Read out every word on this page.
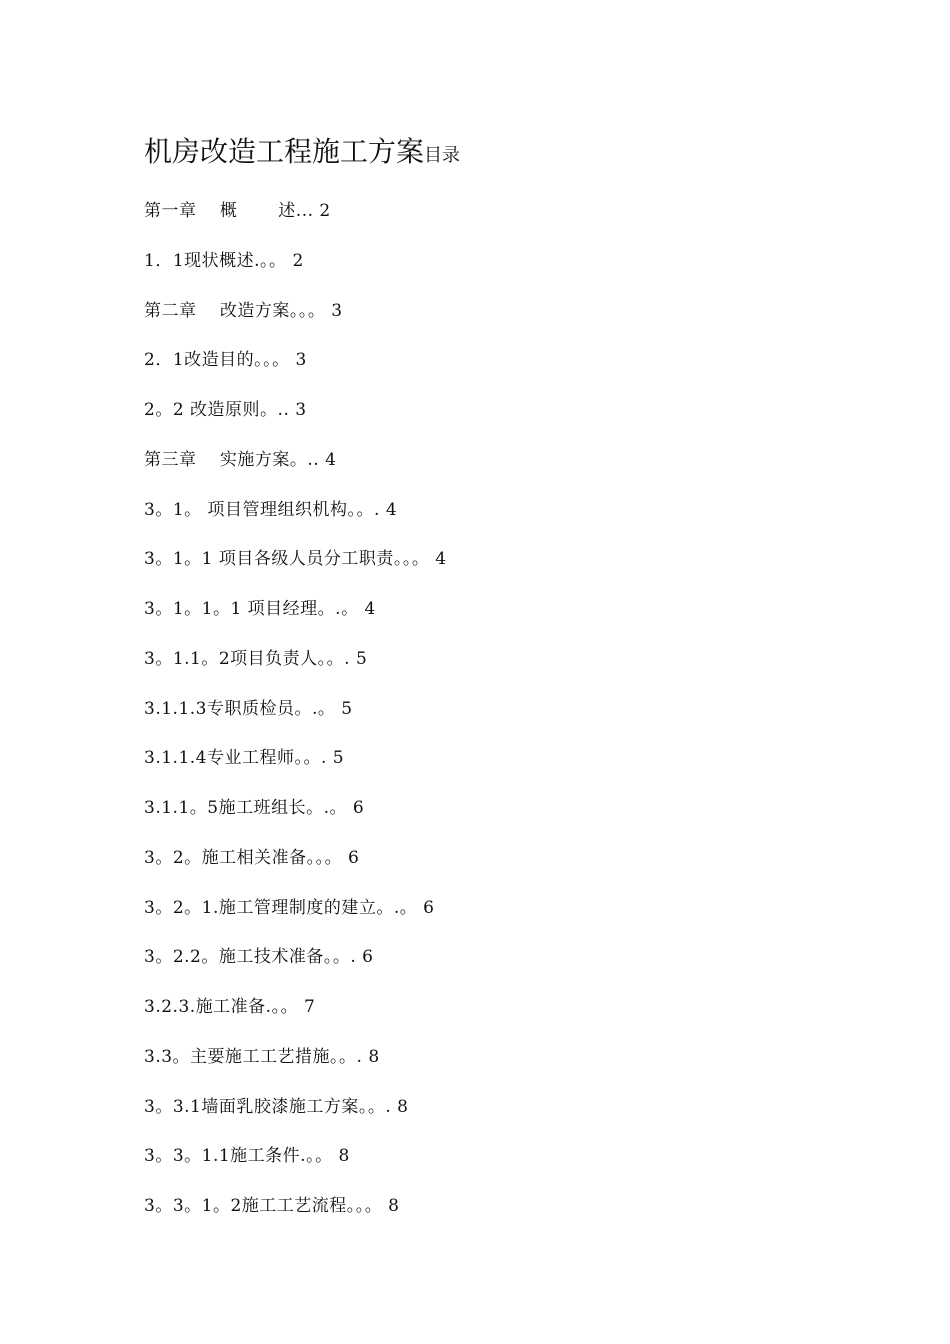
机房改造工程施工方案目录
第一章　 概　　 述... 2
1．1现状概述.。。 2
第二章　 改造方案。。。 3
2．1改造目的。。。 3
2。2 改造原则。.. 3
第三章　 实施方案。.. 4
3。1。 项目管理组织机构。。. 4
3。1。1 项目各级人员分工职责。。。 4
3。1。1。1 项目经理。.。 4
3。1.1。2项目负责人。。. 5
3.1.1.3专职质检员。.。 5
3.1.1.4专业工程师。。. 5
3.1.1。5施工班组长。.。 6
3。2。施工相关准备。。。 6
3。2。1.施工管理制度的建立。.。 6
3。2.2。施工技术准备。。. 6
3.2.3.施工准备.。。 7
3.3。主要施工工艺措施。。. 8
3。3.1墙面乳胶漆施工方案。。. 8
3。3。1.1施工条件.。。 8
3。3。1。2施工工艺流程。。。 8
